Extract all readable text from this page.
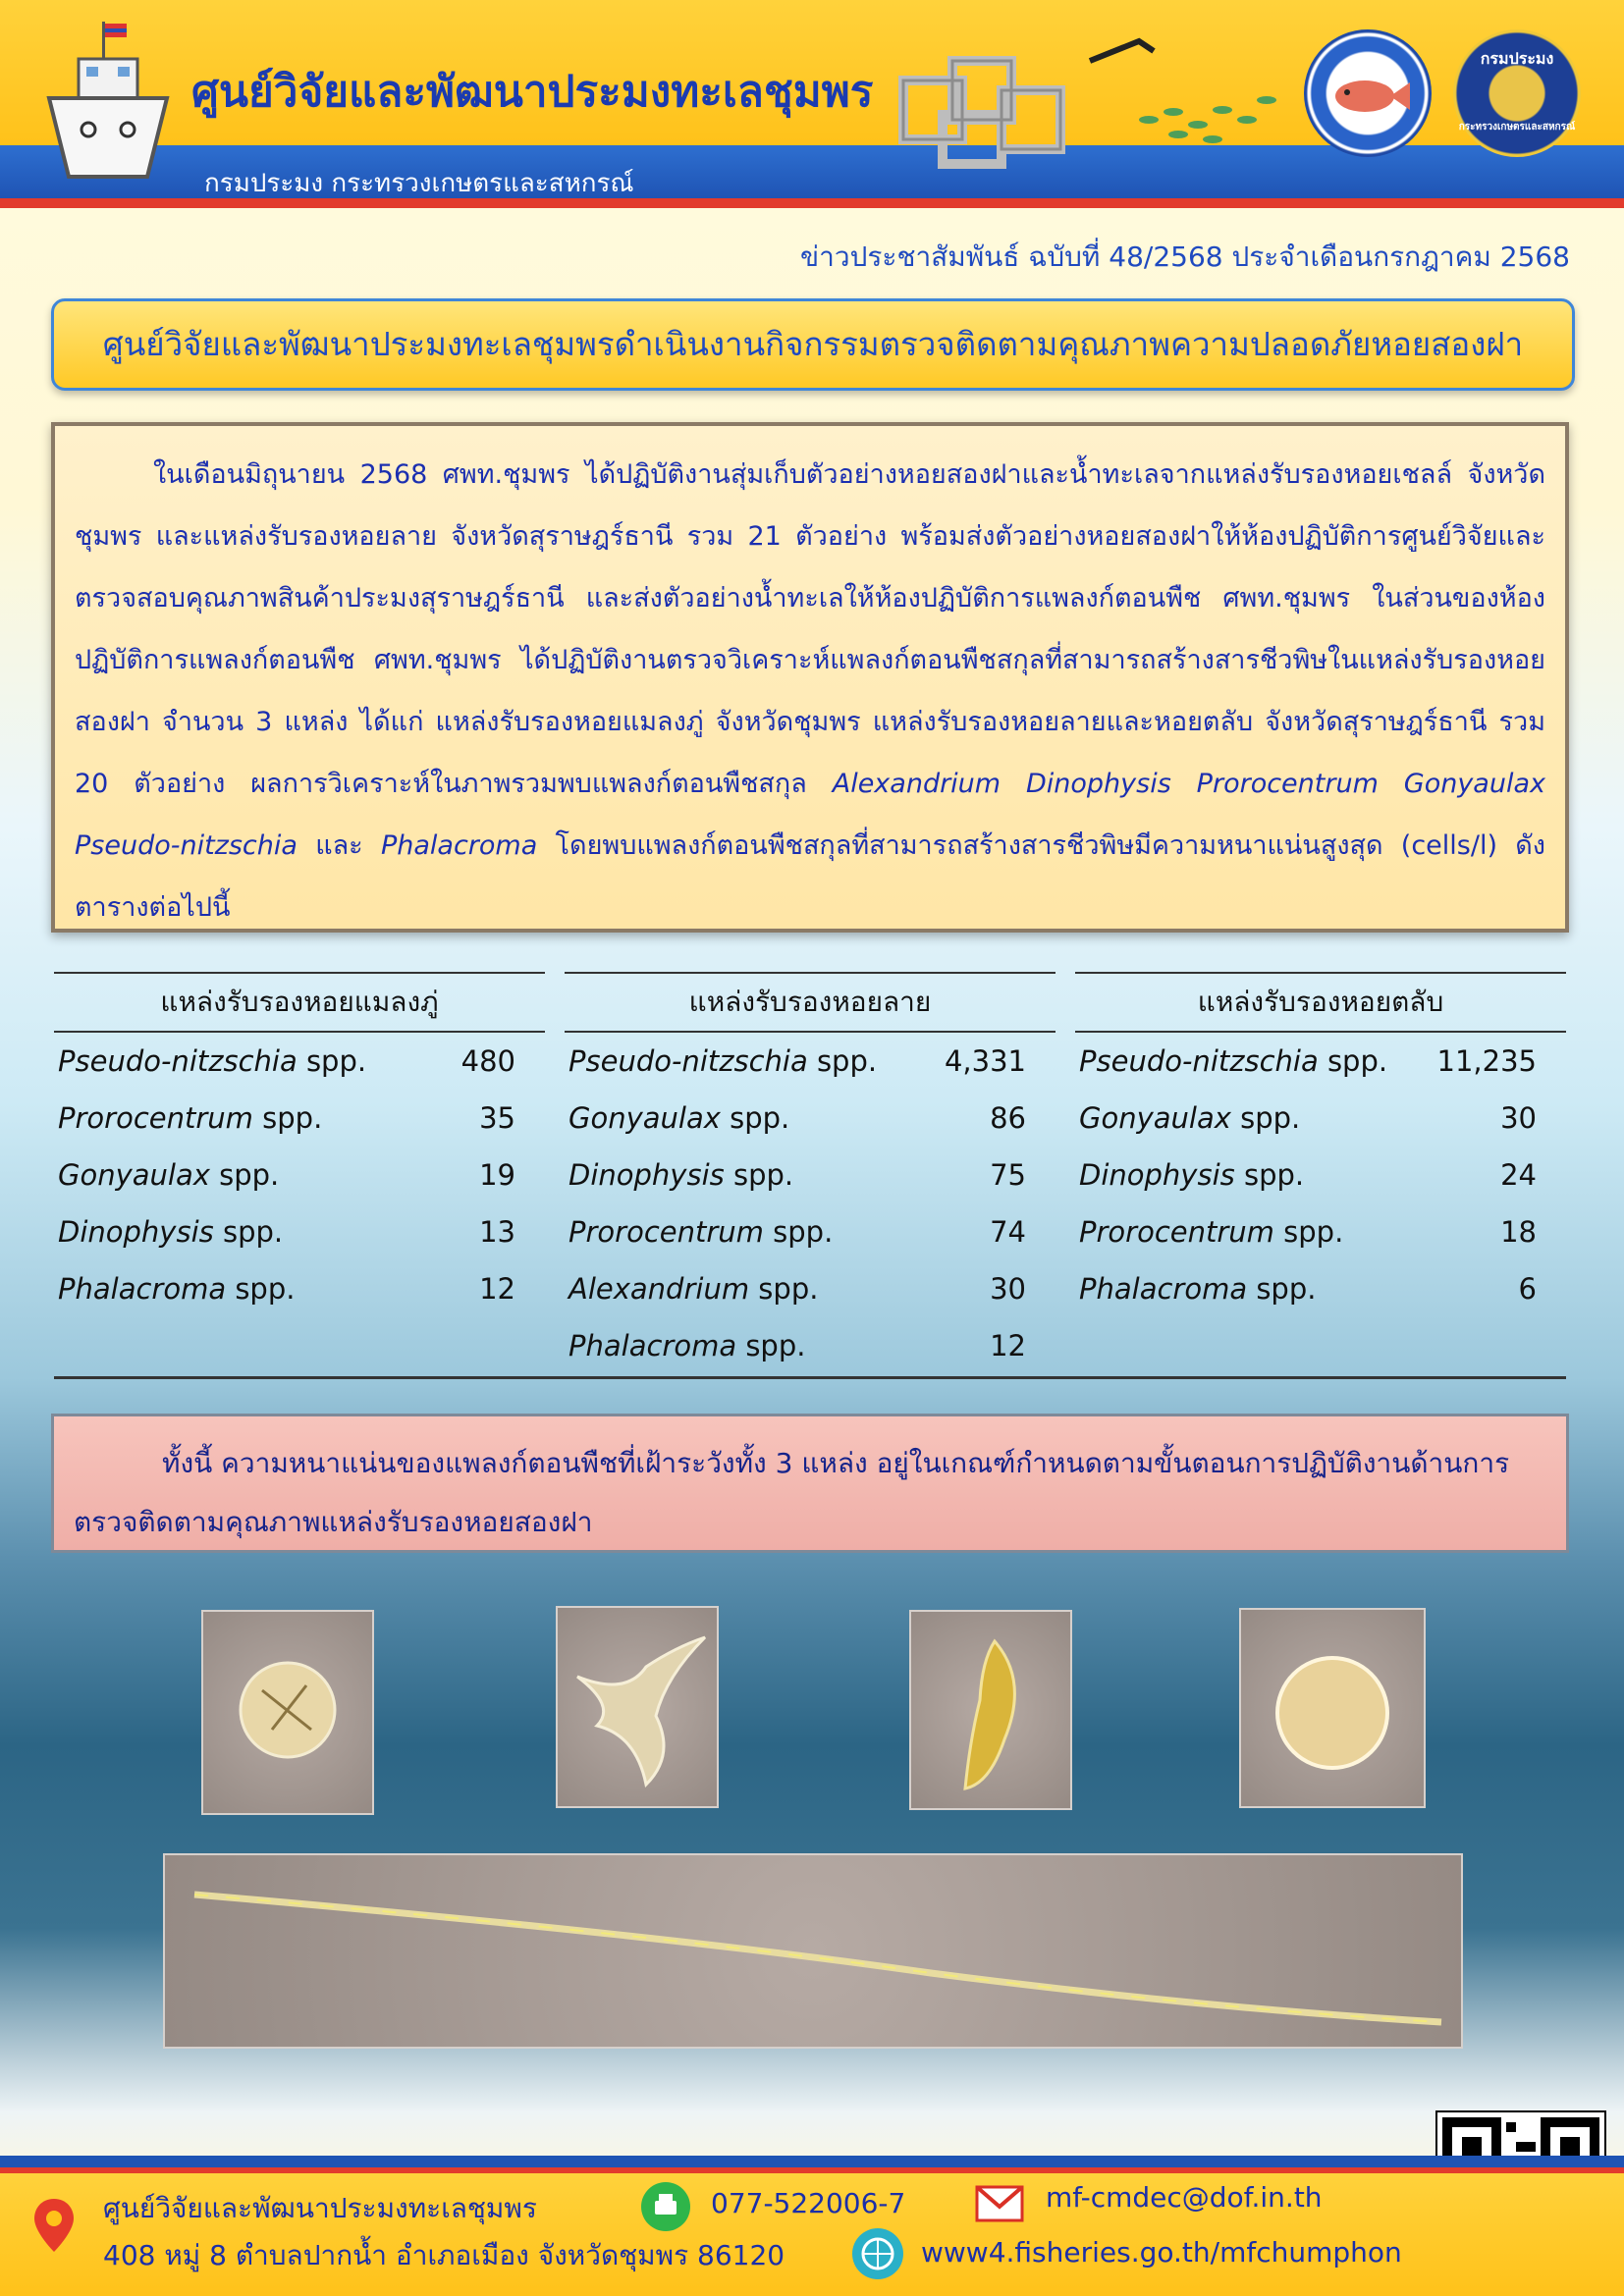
ศูนย์วิจัยและพัฒนาประมงทะเลชุมพร
กรมประมง กระทรวงเกษตรและสหกรณ์
กรมประมง
กระทรวงเกษตรและสหกรณ์
ข่าวประชาสัมพันธ์ ฉบับที่ 48/2568 ประจำเดือนกรกฎาคม 2568
ศูนย์วิจัยและพัฒนาประมงทะเลชุมพรดำเนินงานกิจกรรมตรวจติดตามคุณภาพความปลอดภัยหอยสองฝา

ในเดือนมิถุนายน 2568 ศพท.ชุมพร ได้ปฏิบัติงานสุ่มเก็บตัวอย่างหอยสองฝาและน้ำทะเลจากแหล่งรับรองหอยเชลล์ จังหวัดชุมพร และแหล่งรับรองหอยลาย จังหวัดสุราษฎร์ธานี รวม 21 ตัวอย่าง พร้อมส่งตัวอย่างหอยสองฝาให้ห้องปฏิบัติการศูนย์วิจัยและตรวจสอบคุณภาพสินค้าประมงสุราษฎร์ธานี และส่งตัวอย่างน้ำทะเลให้ห้องปฏิบัติการแพลงก์ตอนพืช ศพท.ชุมพร ในส่วนของห้องปฏิบัติการแพลงก์ตอนพืช ศพท.ชุมพร ได้ปฏิบัติงานตรวจวิเคราะห์แพลงก์ตอนพืชสกุลที่สามารถสร้างสารชีวพิษในแหล่งรับรองหอยสองฝา จำนวน 3 แหล่ง ได้แก่ แหล่งรับรองหอยแมลงภู่ จังหวัดชุมพร แหล่งรับรองหอยลายและหอยตลับ จังหวัดสุราษฎร์ธานี รวม 20 ตัวอย่าง ผลการวิเคราะห์ในภาพรวมพบแพลงก์ตอนพืชสกุล Alexandrium Dinophysis Prorocentrum Gonyaulax Pseudo-nitzschia และ Phalacroma โดยพบแพลงก์ตอนพืชสกุลที่สามารถสร้างสารชีวพิษมีความหนาแน่นสูงสุด (cells/l) ดังตารางต่อไปนี้

แหล่งรับรองหอยแมลงภู่
Pseudo-nitzschia spp.	480
Prorocentrum spp.	35
Gonyaulax spp.	19
Dinophysis spp.	13
Phalacroma spp.	12
แหล่งรับรองหอยลาย
Pseudo-nitzschia spp. 4,331
Gonyaulax spp.	86
Dinophysis spp.	75
Prorocentrum spp.	74
Alexandrium spp.	30
Phalacroma spp.	12
แหล่งรับรองหอยตลับ
Pseudo-nitzschia spp. 11,235
Gonyaulax spp.	30
Dinophysis spp.	24
Prorocentrum spp.	18
Phalacroma spp.	6

ทั้งนี้ ความหนาแน่นของแพลงก์ตอนพืชที่เฝ้าระวังทั้ง 3 แหล่ง อยู่ในเกณฑ์กำหนดตามขั้นตอนการปฏิบัติงานด้านการตรวจติดตามคุณภาพแหล่งรับรองหอยสองฝา

ศูนย์วิจัยและพัฒนาประมงทะเลชุมพร
408 หมู่ 8 ตำบลปากน้ำ อำเภอเมือง จังหวัดชุมพร 86120
077-522006-7	mf-cmdec@dof.in.th
www4.fisheries.go.th/mfchumphon
